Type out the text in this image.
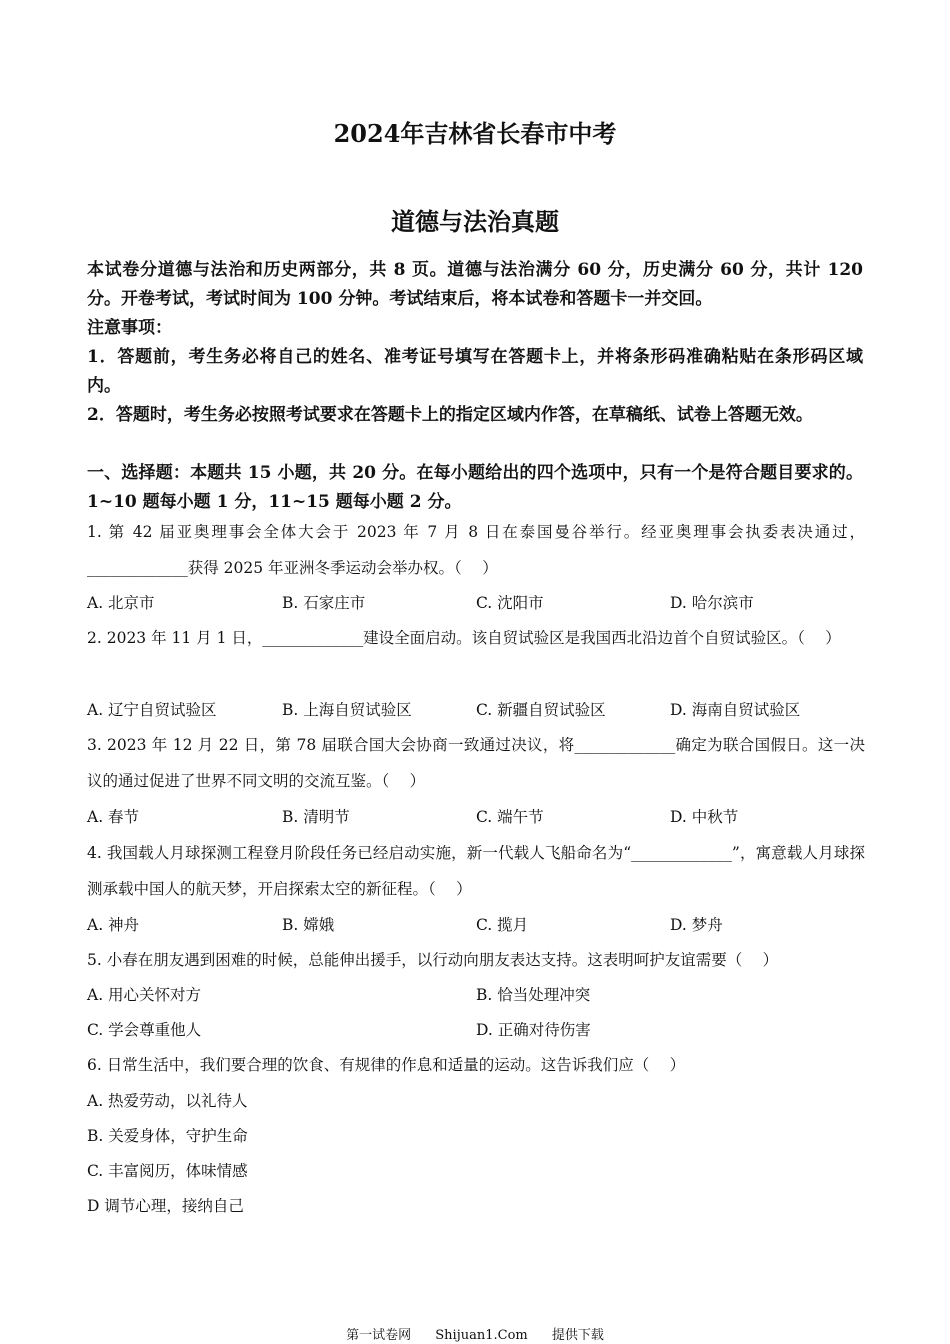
2024年吉林省长春市中考
道德与法治真题
本试卷分道德与法治和历史两部分，共 8 页。道德与法治满分 60 分，历史满分 60 分，共计 120 分。开卷考试，考试时间为 100 分钟。考试结束后，将本试卷和答题卡一并交回。
注意事项：
1．答题前，考生务必将自己的姓名、准考证号填写在答题卡上，并将条形码准确粘贴在条形码区域内。
2．答题时，考生务必按照考试要求在答题卡上的指定区域内作答，在草稿纸、试卷上答题无效。
一、选择题：本题共 15 小题，共 20 分。在每小题给出的四个选项中，只有一个是符合题目要求的。1~10 题每小题 1 分，11~15 题每小题 2 分。
1. 第 42 届亚奥理事会全体大会于 2023 年 7 月 8 日在泰国曼谷举行。经亚奥理事会执委表决通过，_____________获得 2025 年亚洲冬季运动会举办权。（　 ）
A. 北京市	B. 石家庄市	C. 沈阳市	D. 哈尔滨市
2. 2023 年 11 月 1 日，_____________建设全面启动。该自贸试验区是我国西北沿边首个自贸试验区。（　 ）
A. 辽宁自贸试验区	B. 上海自贸试验区	C. 新疆自贸试验区	D. 海南自贸试验区
3. 2023 年 12 月 22 日，第 78 届联合国大会协商一致通过决议，将_____________确定为联合国假日。这一决议的通过促进了世界不同文明的交流互鉴。（　 ）
A. 春节	B. 清明节	C. 端午节	D. 中秋节
4. 我国载人月球探测工程登月阶段任务已经启动实施，新一代载人飞船命名为“_____________”，寓意载人月球探测承载中国人的航天梦，开启探索太空的新征程。（　 ）
A. 神舟	B. 嫦娥	C. 揽月	D. 梦舟
5. 小春在朋友遇到困难的时候，总能伸出援手，以行动向朋友表达支持。这表明呵护友谊需要（　 ）
A. 用心关怀对方	B. 恰当处理冲突
C. 学会尊重他人	D. 正确对待伤害
6. 日常生活中，我们要合理的饮食、有规律的作息和适量的运动。这告诉我们应（　 ）
A. 热爱劳动，以礼待人
B. 关爱身体，守护生命
C. 丰富阅历，体味情感
D 调节心理，接纳自己
第一试卷网 Shijuan1.Com 提供下载
